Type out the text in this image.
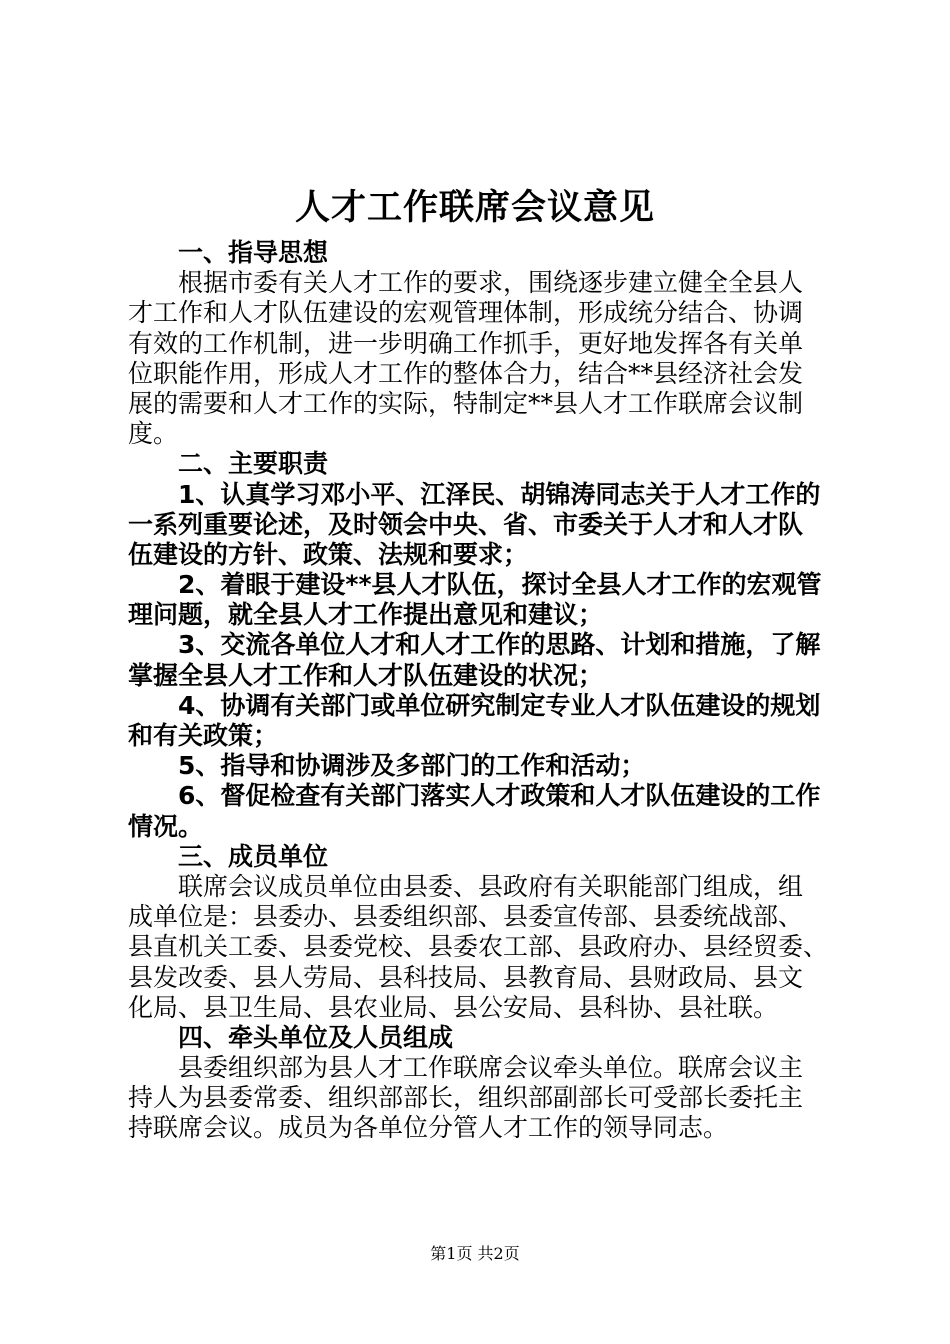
人才工作联席会议意见

一、指导思想

根据市委有关人才工作的要求，围绕逐步建立健全全县人

才工作和人才队伍建设的宏观管理体制，形成统分结合、协调

有效的工作机制，进一步明确工作抓手，更好地发挥各有关单

位职能作用，形成人才工作的整体合力，结合**县经济社会发

展的需要和人才工作的实际，特制定**县人才工作联席会议制

度。

二、主要职责

1、认真学习邓小平、江泽民、胡锦涛同志关于人才工作的

一系列重要论述，及时领会中央、省、市委关于人才和人才队

伍建设的方针、政策、法规和要求；

2、着眼于建设**县人才队伍，探讨全县人才工作的宏观管

理问题，就全县人才工作提出意见和建议；

3、交流各单位人才和人才工作的思路、计划和措施，了解

掌握全县人才工作和人才队伍建设的状况；

4、协调有关部门或单位研究制定专业人才队伍建设的规划

和有关政策；

5、指导和协调涉及多部门的工作和活动；

6、督促检查有关部门落实人才政策和人才队伍建设的工作

情况。

三、成员单位

联席会议成员单位由县委、县政府有关职能部门组成，组

成单位是：县委办、县委组织部、县委宣传部、县委统战部、

县直机关工委、县委党校、县委农工部、县政府办、县经贸委、

县发改委、县人劳局、县科技局、县教育局、县财政局、县文

化局、县卫生局、县农业局、县公安局、县科协、县社联。

四、牵头单位及人员组成

县委组织部为县人才工作联席会议牵头单位。联席会议主

持人为县委常委、组织部部长，组织部副部长可受部长委托主

持联席会议。成员为各单位分管人才工作的领导同志。

第1页 共2页
